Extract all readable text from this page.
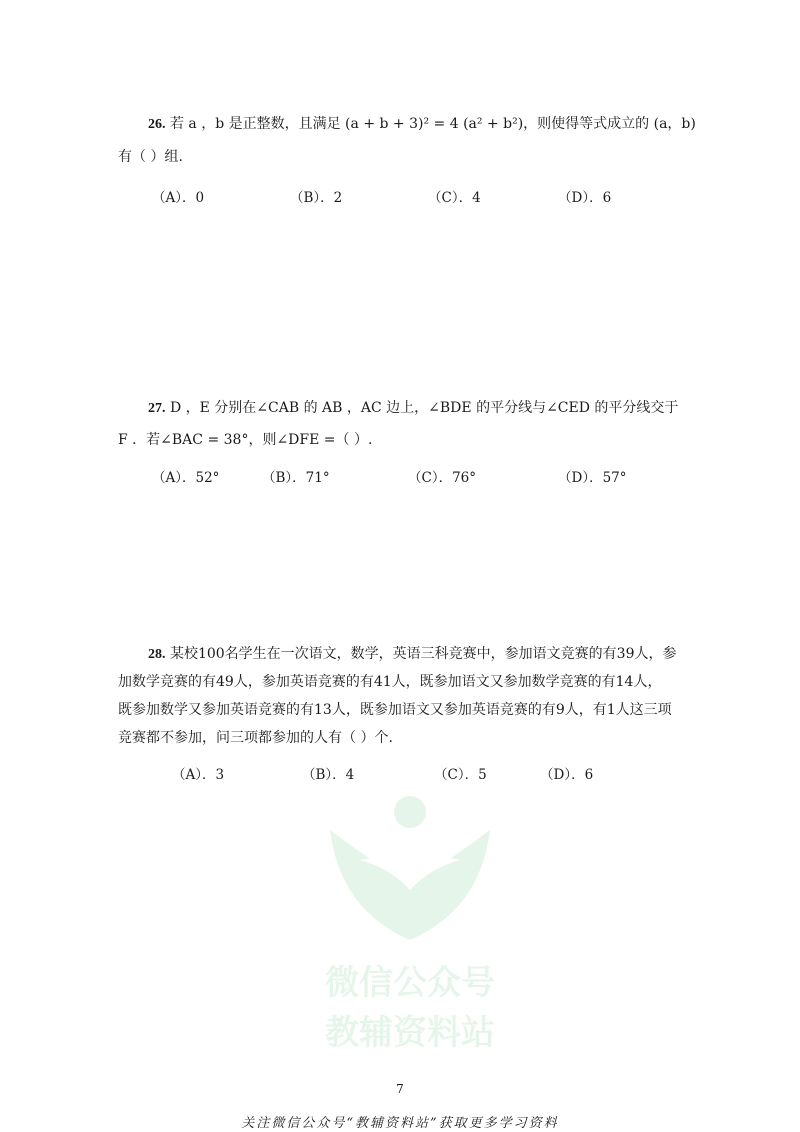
26. 若 a ，b 是正整数，且满足 (a + b + 3)² = 4 (a² + b²)，则使得等式成立的 (a，b)
有（ ）组.
（A）．0	（B）．2	（C）．4	（D）．6
27. D ，E 分别在∠CAB 的 AB ，AC 边上，∠BDE 的平分线与∠CED 的平分线交于
F ．若∠BAC = 38°，则∠DFE =（ ）.
（A）．52°	（B）．71°	（C）．76°	（D）．57°
28. 某校100名学生在一次语文，数学，英语三科竞赛中，参加语文竞赛的有39人，参
加数学竞赛的有49人，参加英语竞赛的有41人，既参加语文又参加数学竞赛的有14人，
既参加数学又参加英语竞赛的有13人，既参加语文又参加英语竞赛的有9人，有1人这三项
竞赛都不参加，问三项都参加的人有（ ）个.
（A）．3	（B）．4	（C）．5	（D）．6
微信公众号
教辅资料站
7
关注微信公众号“教辅资料站”获取更多学习资料
